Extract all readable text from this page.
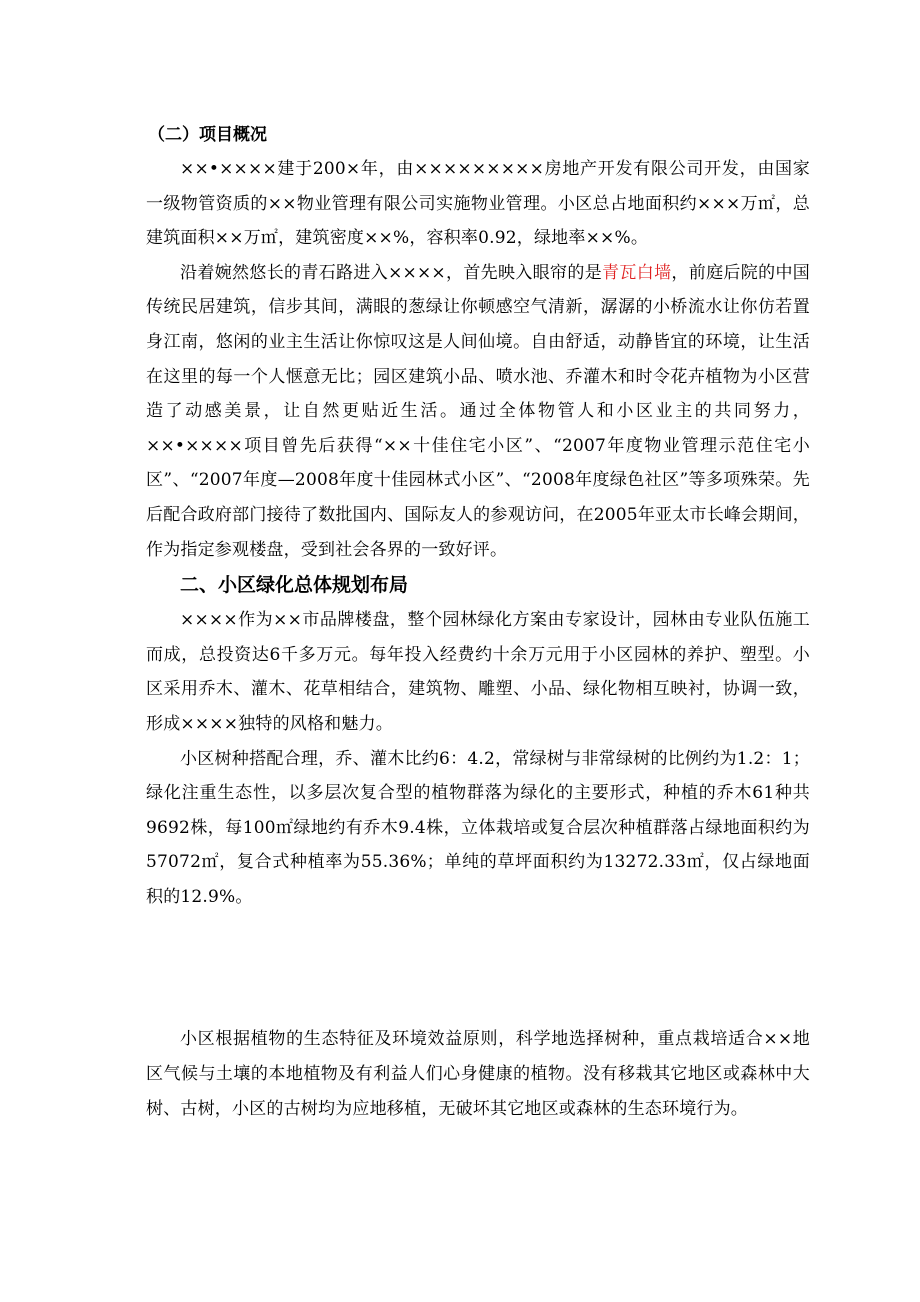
（二）项目概况

××•××××建于200×年，由×××××××××房地产开发有限公司开发，由国家一级物管资质的××物业管理有限公司实施物业管理。小区总占地面积约×××万㎡，总建筑面积××万㎡，建筑密度××%，容积率0.92，绿地率××%。

沿着婉然悠长的青石路进入××××，首先映入眼帘的是青瓦白墙，前庭后院的中国传统民居建筑，信步其间，满眼的葱绿让你顿感空气清新，潺潺的小桥流水让你仿若置身江南，悠闲的业主生活让你惊叹这是人间仙境。自由舒适，动静皆宜的环境，让生活在这里的每一个人惬意无比；园区建筑小品、喷水池、乔灌木和时令花卉植物为小区营造了动感美景，让自然更贴近生活。通过全体物管人和小区业主的共同努力，××•××××项目曾先后获得“××十佳住宅小区”、“2007年度物业管理示范住宅小区”、“2007年度—2008年度十佳园林式小区”、“2008年度绿色社区”等多项殊荣。先后配合政府部门接待了数批国内、国际友人的参观访问，在2005年亚太市长峰会期间，作为指定参观楼盘，受到社会各界的一致好评。

二、小区绿化总体规划布局

××××作为××市品牌楼盘，整个园林绿化方案由专家设计，园林由专业队伍施工而成，总投资达6千多万元。每年投入经费约十余万元用于小区园林的养护、塑型。小区采用乔木、灌木、花草相结合，建筑物、雕塑、小品、绿化物相互映衬，协调一致，形成××××独特的风格和魅力。

小区树种搭配合理，乔、灌木比约6：4.2，常绿树与非常绿树的比例约为1.2：1；绿化注重生态性，以多层次复合型的植物群落为绿化的主要形式，种植的乔木61种共9692株，每100㎡绿地约有乔木9.4株，立体栽培或复合层次种植群落占绿地面积约为57072㎡，复合式种植率为55.36%；单纯的草坪面积约为13272.33㎡，仅占绿地面积的12.9%。

小区根据植物的生态特征及环境效益原则，科学地选择树种，重点栽培适合××地区气候与土壤的本地植物及有利益人们心身健康的植物。没有移栽其它地区或森林中大树、古树，小区的古树均为应地移植，无破坏其它地区或森林的生态环境行为。
